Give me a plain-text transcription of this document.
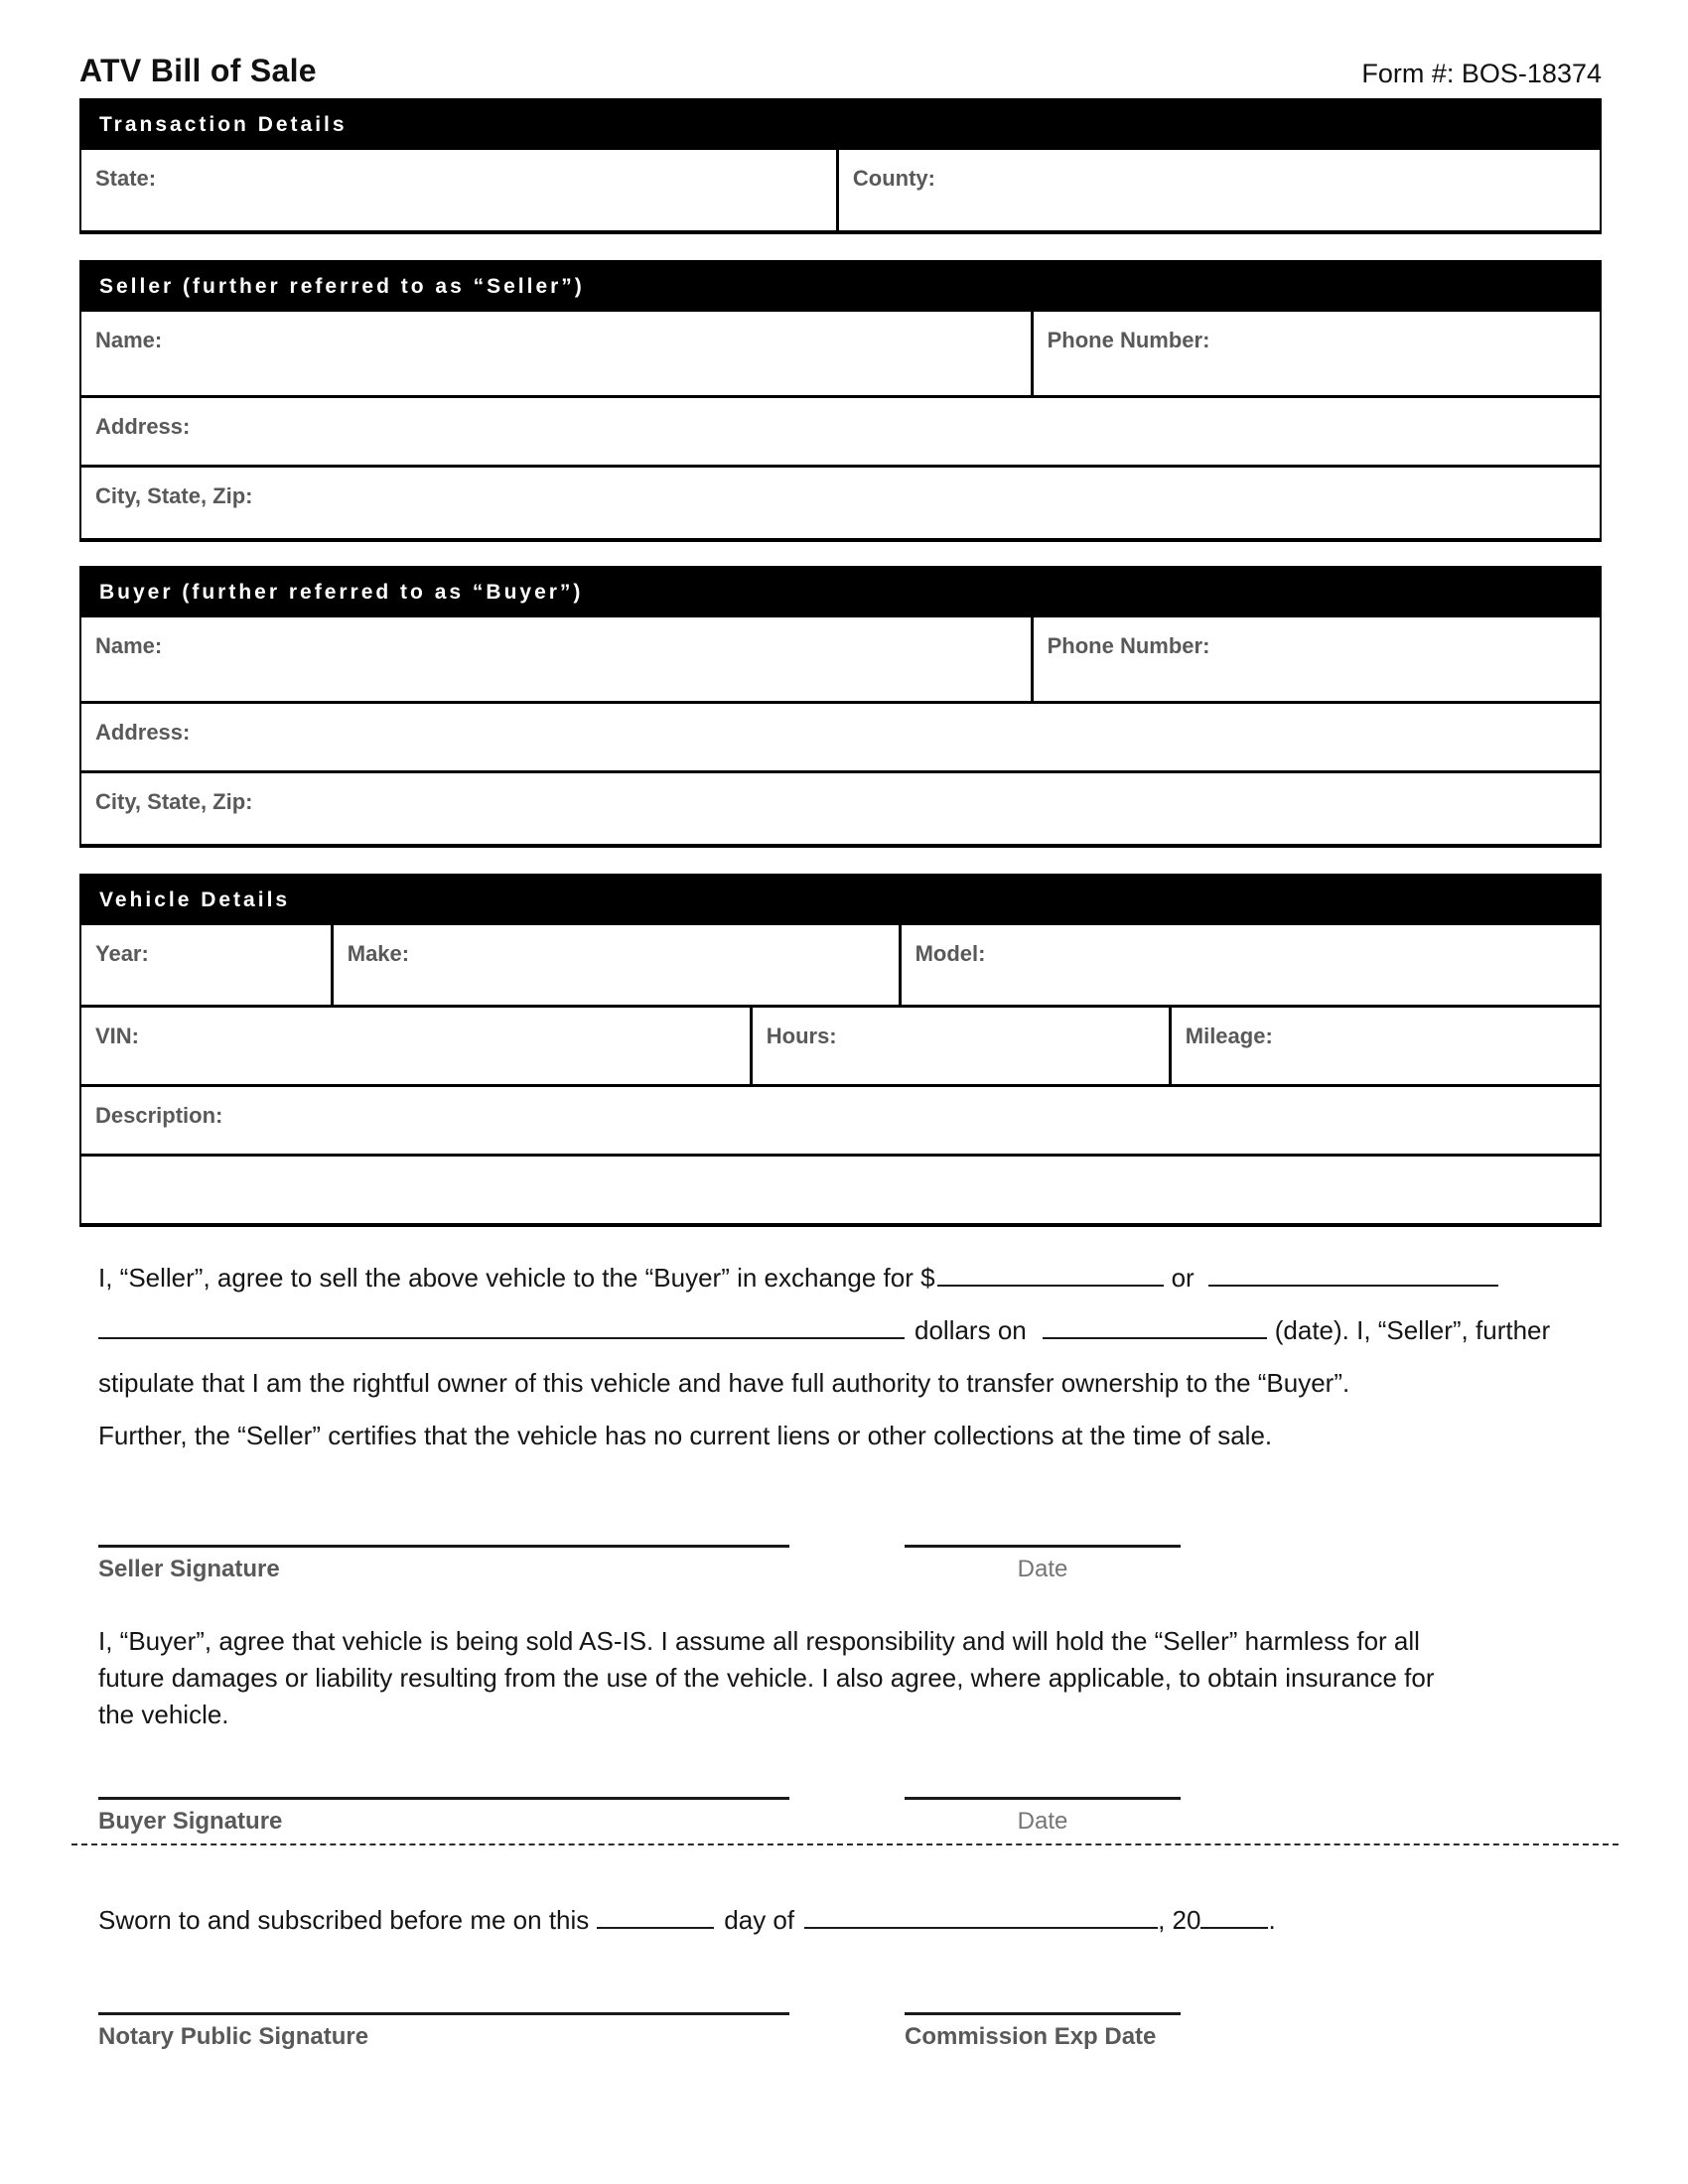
ATV Bill of Sale	Form #: BOS-18374
Transaction Details
State:	County:
Seller (further referred to as “Seller”)
Name:	Phone Number:
Address:
City, State, Zip:
Buyer (further referred to as “Buyer”)
Name:	Phone Number:
Address:
City, State, Zip:
Vehicle Details
Year:	Make:	Model:
VIN:	Hours:	Mileage:
Description:
I, “Seller”, agree to sell the above vehicle to the “Buyer” in exchange for $	or
dollars on	(date). I, “Seller”, further
stipulate that I am the rightful owner of this vehicle and have full authority to transfer ownership to the “Buyer”.
Further, the “Seller” certifies that the vehicle has no current liens or other collections at the time of sale.
Seller Signature	Date
I, “Buyer”, agree that vehicle is being sold AS-IS. I assume all responsibility and will hold the “Seller” harmless for all
future damages or liability resulting from the use of the vehicle. I also agree, where applicable, to obtain insurance for
the vehicle.
Buyer Signature	Date
Sworn to and subscribed before me on this	day of	, 20	.
Notary Public Signature	Commission Exp Date
